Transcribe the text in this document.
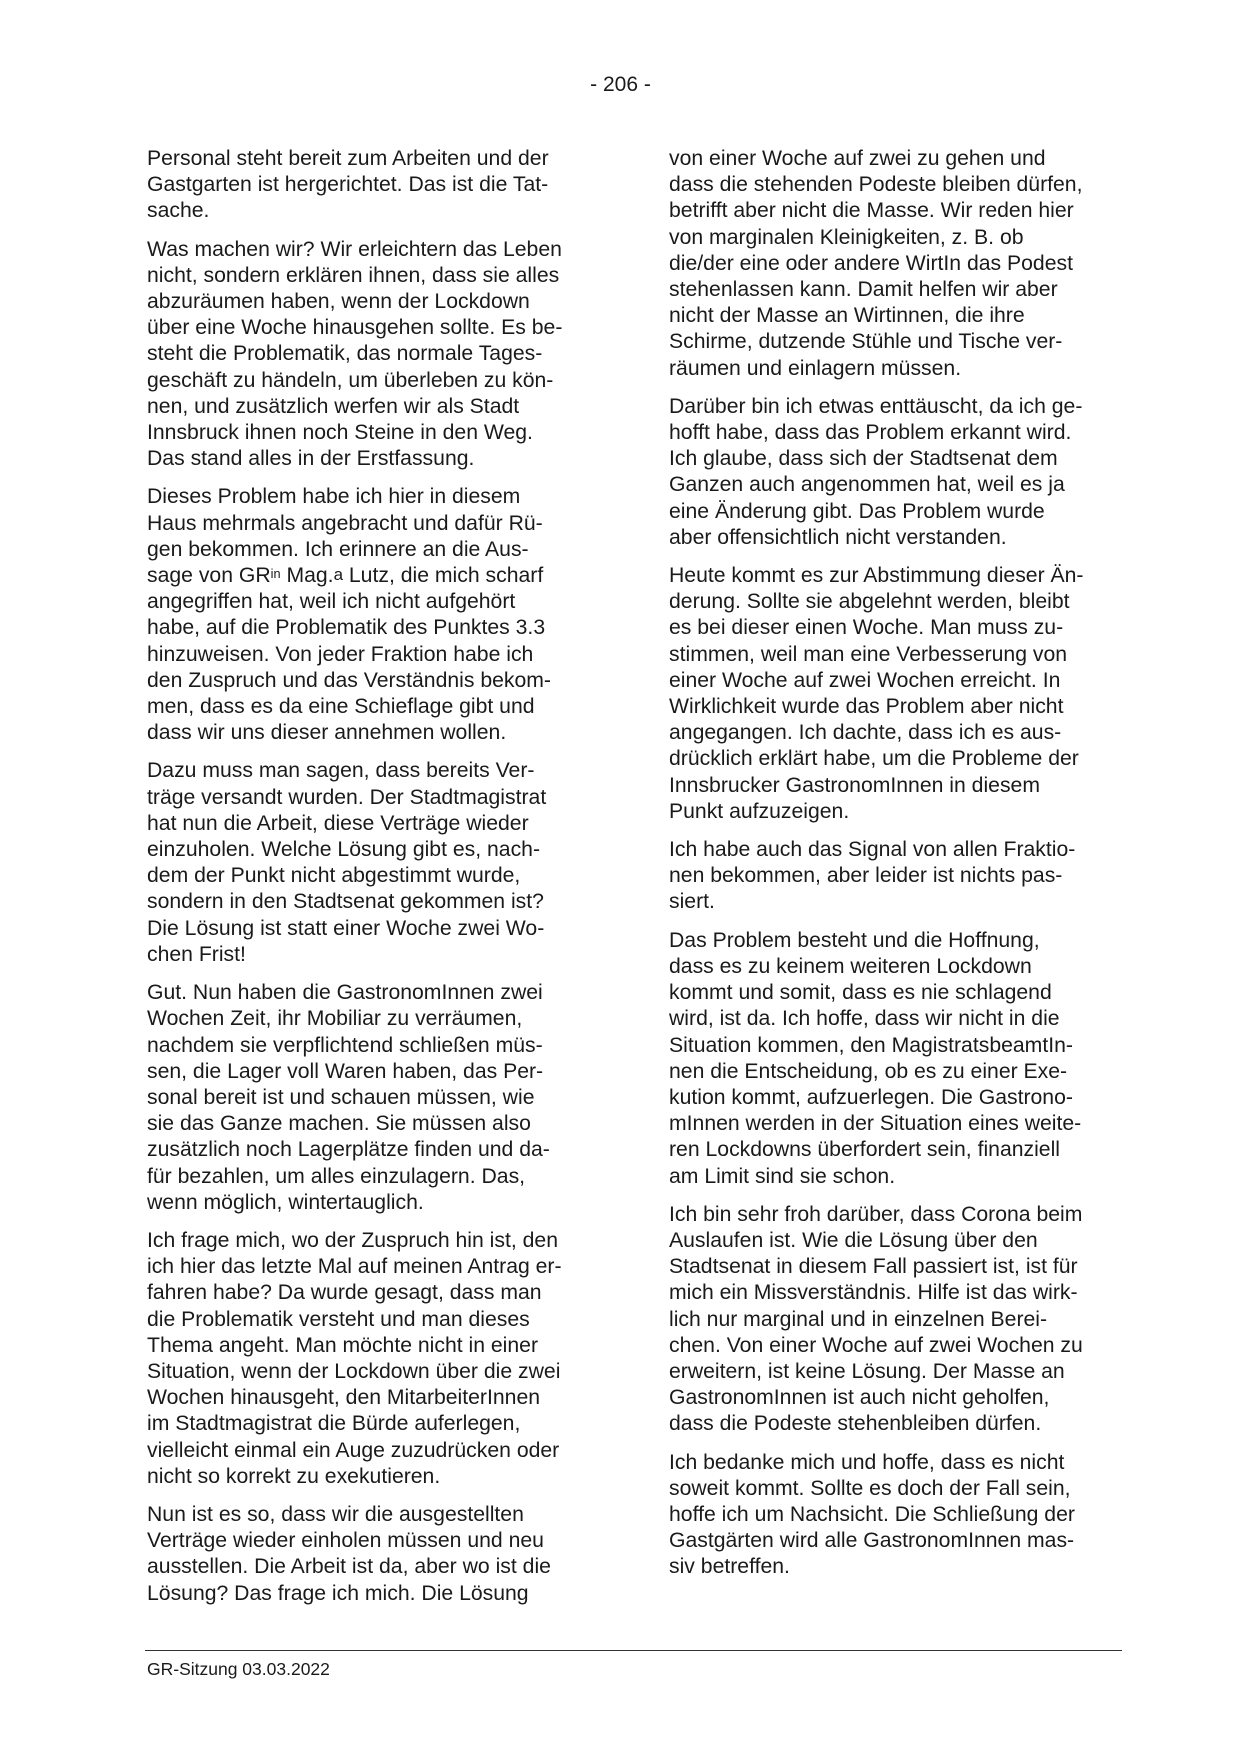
- 206 -

Personal steht bereit zum Arbeiten und der
Gastgarten ist hergerichtet. Das ist die Tat-
sache.

Was machen wir? Wir erleichtern das Leben
nicht, sondern erklären ihnen, dass sie alles
abzuräumen haben, wenn der Lockdown
über eine Woche hinausgehen sollte. Es be-
steht die Problematik, das normale Tages-
geschäft zu händeln, um überleben zu kön-
nen, und zusätzlich werfen wir als Stadt
Innsbruck ihnen noch Steine in den Weg.
Das stand alles in der Erstfassung.

Dieses Problem habe ich hier in diesem
Haus mehrmals angebracht und dafür Rü-
gen bekommen. Ich erinnere an die Aus-
sage von $GR^{in}$ Mag.$^a$ Lutz, die mich scharf
angegriffen hat, weil ich nicht aufgehört
habe, auf die Problematik des Punktes 3.3
hinzuweisen. Von jeder Fraktion habe ich
den Zuspruch und das Verständnis bekom-
men, dass es da eine Schieflage gibt und
dass wir uns dieser annehmen wollen.

Dazu muss man sagen, dass bereits Ver-
träge versandt wurden. Der Stadtmagistrat
hat nun die Arbeit, diese Verträge wieder
einzuholen. Welche Lösung gibt es, nach-
dem der Punkt nicht abgestimmt wurde,
sondern in den Stadtsenat gekommen ist?
Die Lösung ist statt einer Woche zwei Wo-
chen Frist!

Gut. Nun haben die GastronomInnen zwei
Wochen Zeit, ihr Mobiliar zu verräumen,
nachdem sie verpflichtend schließen müs-
sen, die Lager voll Waren haben, das Per-
sonal bereit ist und schauen müssen, wie
sie das Ganze machen. Sie müssen also
zusätzlich noch Lagerplätze finden und da-
für bezahlen, um alles einzulagern. Das,
wenn möglich, wintertauglich.

Ich frage mich, wo der Zuspruch hin ist, den
ich hier das letzte Mal auf meinen Antrag er-
fahren habe? Da wurde gesagt, dass man
die Problematik versteht und man dieses
Thema angeht. Man möchte nicht in einer
Situation, wenn der Lockdown über die zwei
Wochen hinausgeht, den MitarbeiterInnen
im Stadtmagistrat die Bürde auferlegen,
vielleicht einmal ein Auge zuzudrücken oder
nicht so korrekt zu exekutieren.

Nun ist es so, dass wir die ausgestellten
Verträge wieder einholen müssen und neu
ausstellen. Die Arbeit ist da, aber wo ist die
Lösung? Das frage ich mich. Die Lösung

von einer Woche auf zwei zu gehen und
dass die stehenden Podeste bleiben dürfen,
betrifft aber nicht die Masse. Wir reden hier
von marginalen Kleinigkeiten, z. B. ob
die/der eine oder andere WirtIn das Podest
stehenlassen kann. Damit helfen wir aber
nicht der Masse an Wirtinnen, die ihre
Schirme, dutzende Stühle und Tische ver-
räumen und einlagern müssen.

Darüber bin ich etwas enttäuscht, da ich ge-
hofft habe, dass das Problem erkannt wird.
Ich glaube, dass sich der Stadtsenat dem
Ganzen auch angenommen hat, weil es ja
eine Änderung gibt. Das Problem wurde
aber offensichtlich nicht verstanden.

Heute kommt es zur Abstimmung dieser Än-
derung. Sollte sie abgelehnt werden, bleibt
es bei dieser einen Woche. Man muss zu-
stimmen, weil man eine Verbesserung von
einer Woche auf zwei Wochen erreicht. In
Wirklichkeit wurde das Problem aber nicht
angegangen. Ich dachte, dass ich es aus-
drücklich erklärt habe, um die Probleme der
Innsbrucker GastronomInnen in diesem
Punkt aufzuzeigen.

Ich habe auch das Signal von allen Fraktio-
nen bekommen, aber leider ist nichts pas-
siert.

Das Problem besteht und die Hoffnung,
dass es zu keinem weiteren Lockdown
kommt und somit, dass es nie schlagend
wird, ist da. Ich hoffe, dass wir nicht in die
Situation kommen, den MagistratsbeamtIn-
nen die Entscheidung, ob es zu einer Exe-
kution kommt, aufzuerlegen. Die Gastrono-
mInnen werden in der Situation eines weite-
ren Lockdowns überfordert sein, finanziell
am Limit sind sie schon.

Ich bin sehr froh darüber, dass Corona beim
Auslaufen ist. Wie die Lösung über den
Stadtsenat in diesem Fall passiert ist, ist für
mich ein Missverständnis. Hilfe ist das wirk-
lich nur marginal und in einzelnen Berei-
chen. Von einer Woche auf zwei Wochen zu
erweitern, ist keine Lösung. Der Masse an
GastronomInnen ist auch nicht geholfen,
dass die Podeste stehenbleiben dürfen.

Ich bedanke mich und hoffe, dass es nicht
soweit kommt. Sollte es doch der Fall sein,
hoffe ich um Nachsicht. Die Schließung der
Gastgärten wird alle GastronomInnen mas-
siv betreffen.

GR-Sitzung 03.03.2022
